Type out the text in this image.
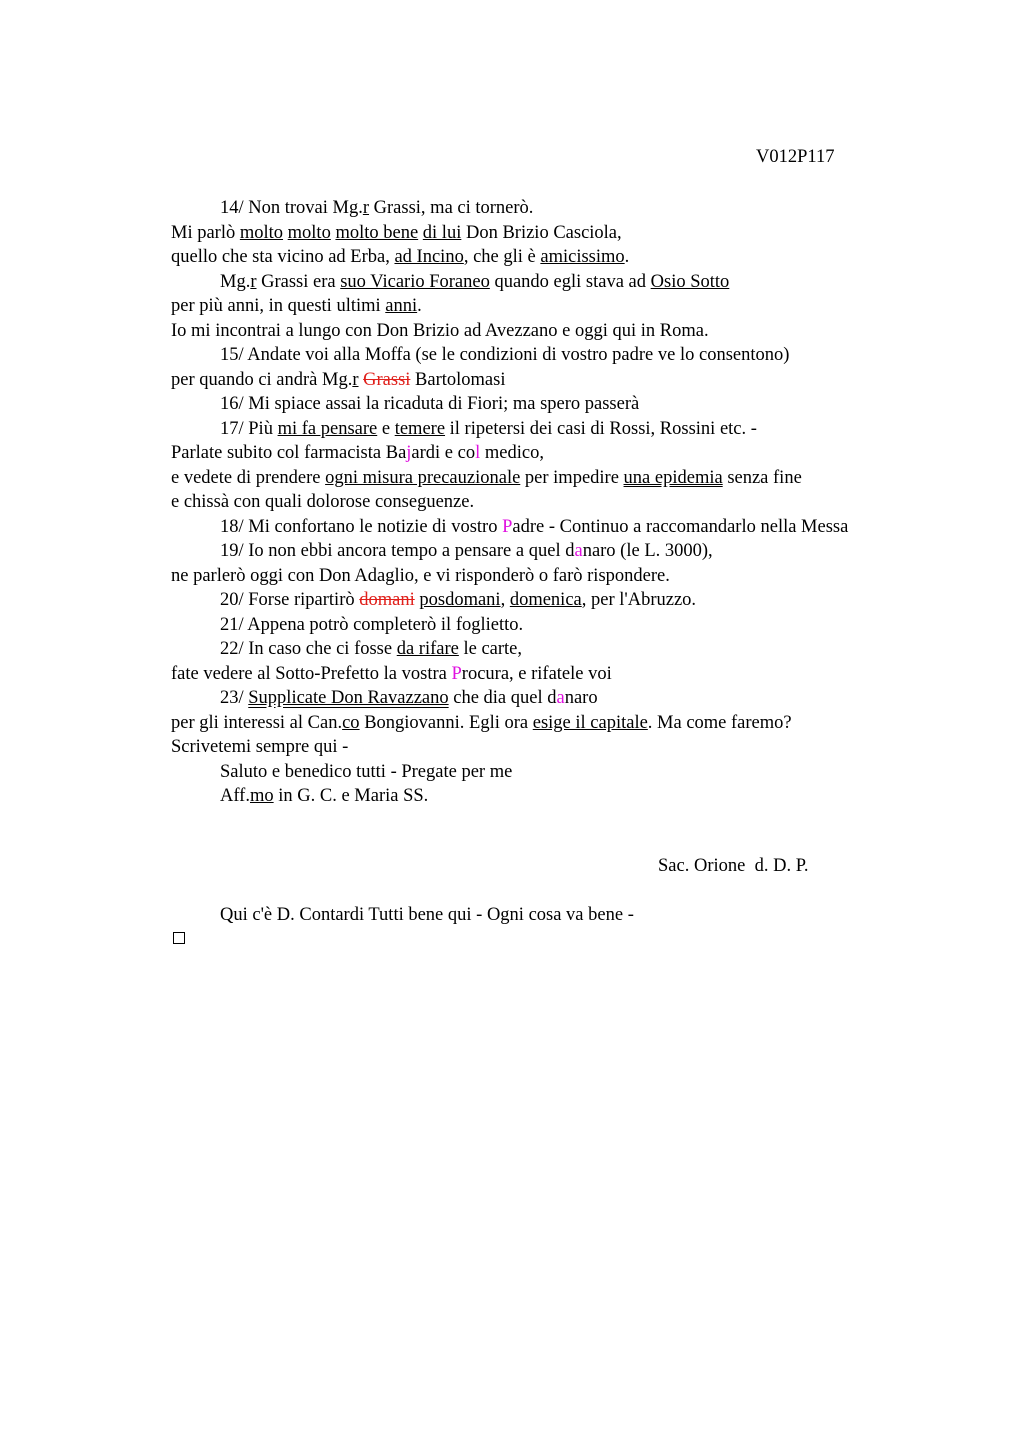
V012P117
14/ Non trovai Mg.r Grassi, ma ci tornerò.
Mi parlò molto molto molto bene di lui Don Brizio Casciola,
quello che sta vicino ad Erba, ad Incino, che gli è amicissimo.
Mg.r Grassi era suo Vicario Foraneo quando egli stava ad Osio Sotto
per più anni, in questi ultimi anni.
Io mi incontrai a lungo con Don Brizio ad Avezzano e oggi qui in Roma.
15/ Andate voi alla Moffa (se le condizioni di vostro padre ve lo consentono)
per quando ci andrà Mg.r Grassi Bartolomasi
16/ Mi spiace assai la ricaduta di Fiori; ma spero passerà
17/ Più mi fa pensare e temere il ripetersi dei casi di Rossi, Rossini etc. -
Parlate subito col farmacista Bajardi e col medico,
e vedete di prendere ogni misura precauzionale per impedire una epidemia senza fine
e chissà con quali dolorose conseguenze.
18/ Mi confortano le notizie di vostro Padre - Continuo a raccomandarlo nella Messa
19/ Io non ebbi ancora tempo a pensare a quel danaro (le L. 3000),
ne parlerò oggi con Don Adaglio, e vi risponderò o farò rispondere.
20/ Forse ripartirò domani posdomani, domenica, per l'Abruzzo.
21/ Appena potrò completerò il foglietto.
22/ In caso che ci fosse da rifare le carte,
fate vedere al Sotto-Prefetto la vostra Procura, e rifatele voi
23/ Supplicate Don Ravazzano che dia quel danaro
per gli interessi al Can.co Bongiovanni. Egli ora esige il capitale. Ma come faremo?
Scrivetemi sempre qui -
Saluto e benedico tutti - Pregate per me
Aff.mo in G. C. e Maria SS.
Sac. Orione  d. D. P.
Qui c'è D. Contardi Tutti bene qui - Ogni cosa va bene -
